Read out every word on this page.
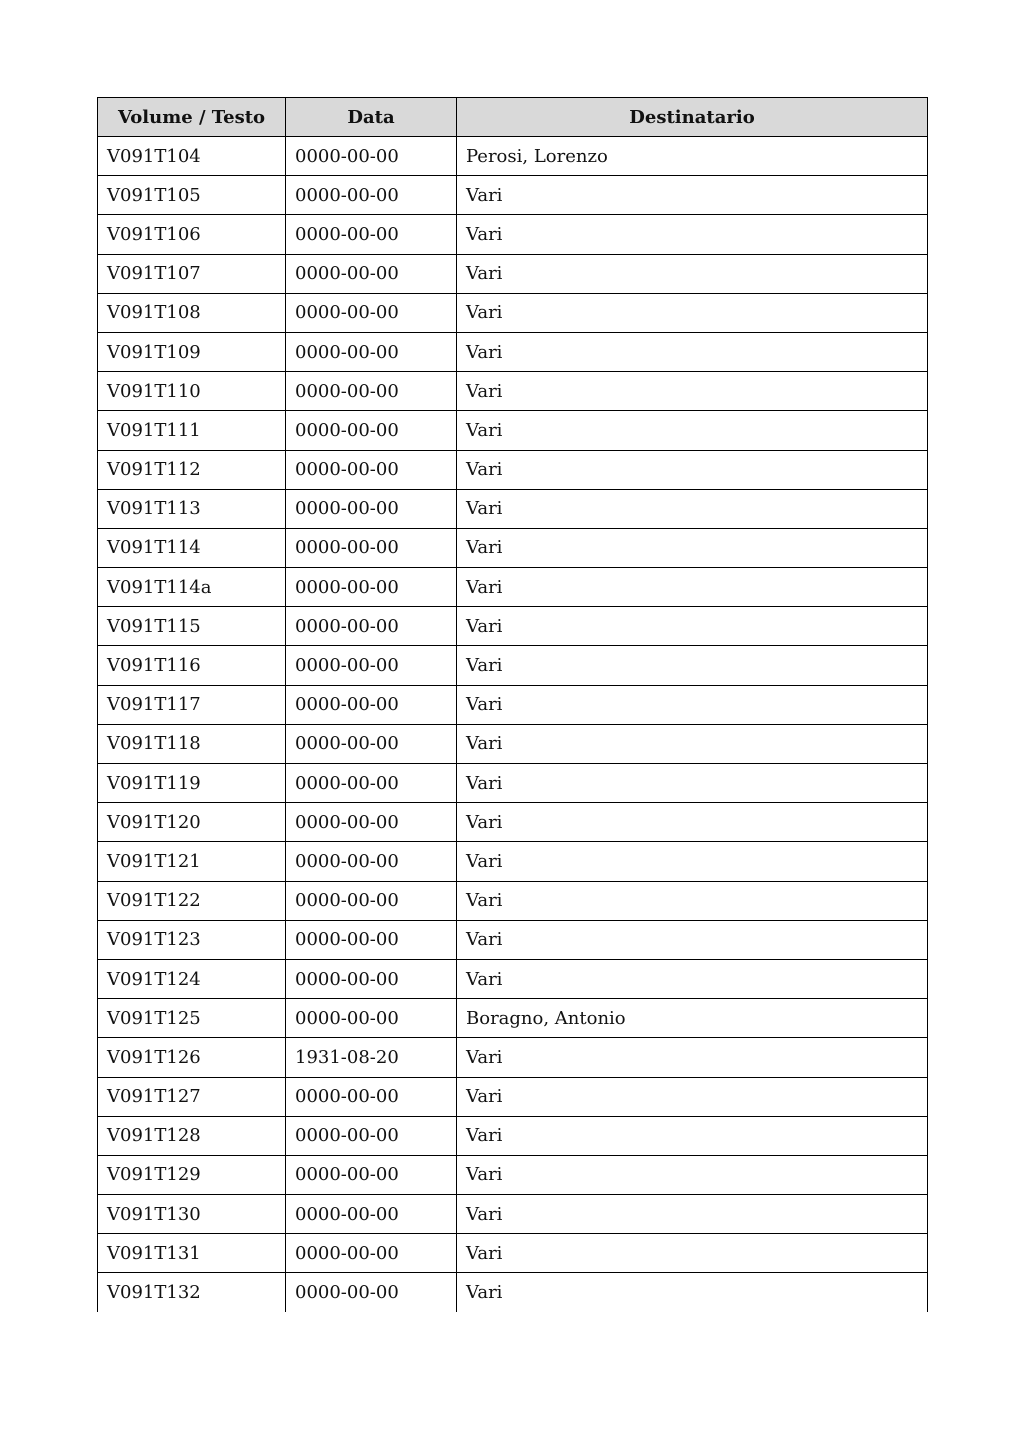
Volume / Testo	Data	Destinatario
V091T104	0000-00-00	Perosi, Lorenzo
V091T105	0000-00-00	Vari
V091T106	0000-00-00	Vari
V091T107	0000-00-00	Vari
V091T108	0000-00-00	Vari
V091T109	0000-00-00	Vari
V091T110	0000-00-00	Vari
V091T111	0000-00-00	Vari
V091T112	0000-00-00	Vari
V091T113	0000-00-00	Vari
V091T114	0000-00-00	Vari
V091T114a	0000-00-00	Vari
V091T115	0000-00-00	Vari
V091T116	0000-00-00	Vari
V091T117	0000-00-00	Vari
V091T118	0000-00-00	Vari
V091T119	0000-00-00	Vari
V091T120	0000-00-00	Vari
V091T121	0000-00-00	Vari
V091T122	0000-00-00	Vari
V091T123	0000-00-00	Vari
V091T124	0000-00-00	Vari
V091T125	0000-00-00	Boragno, Antonio
V091T126	1931-08-20	Vari
V091T127	0000-00-00	Vari
V091T128	0000-00-00	Vari
V091T129	0000-00-00	Vari
V091T130	0000-00-00	Vari
V091T131	0000-00-00	Vari
V091T132	0000-00-00	Vari
